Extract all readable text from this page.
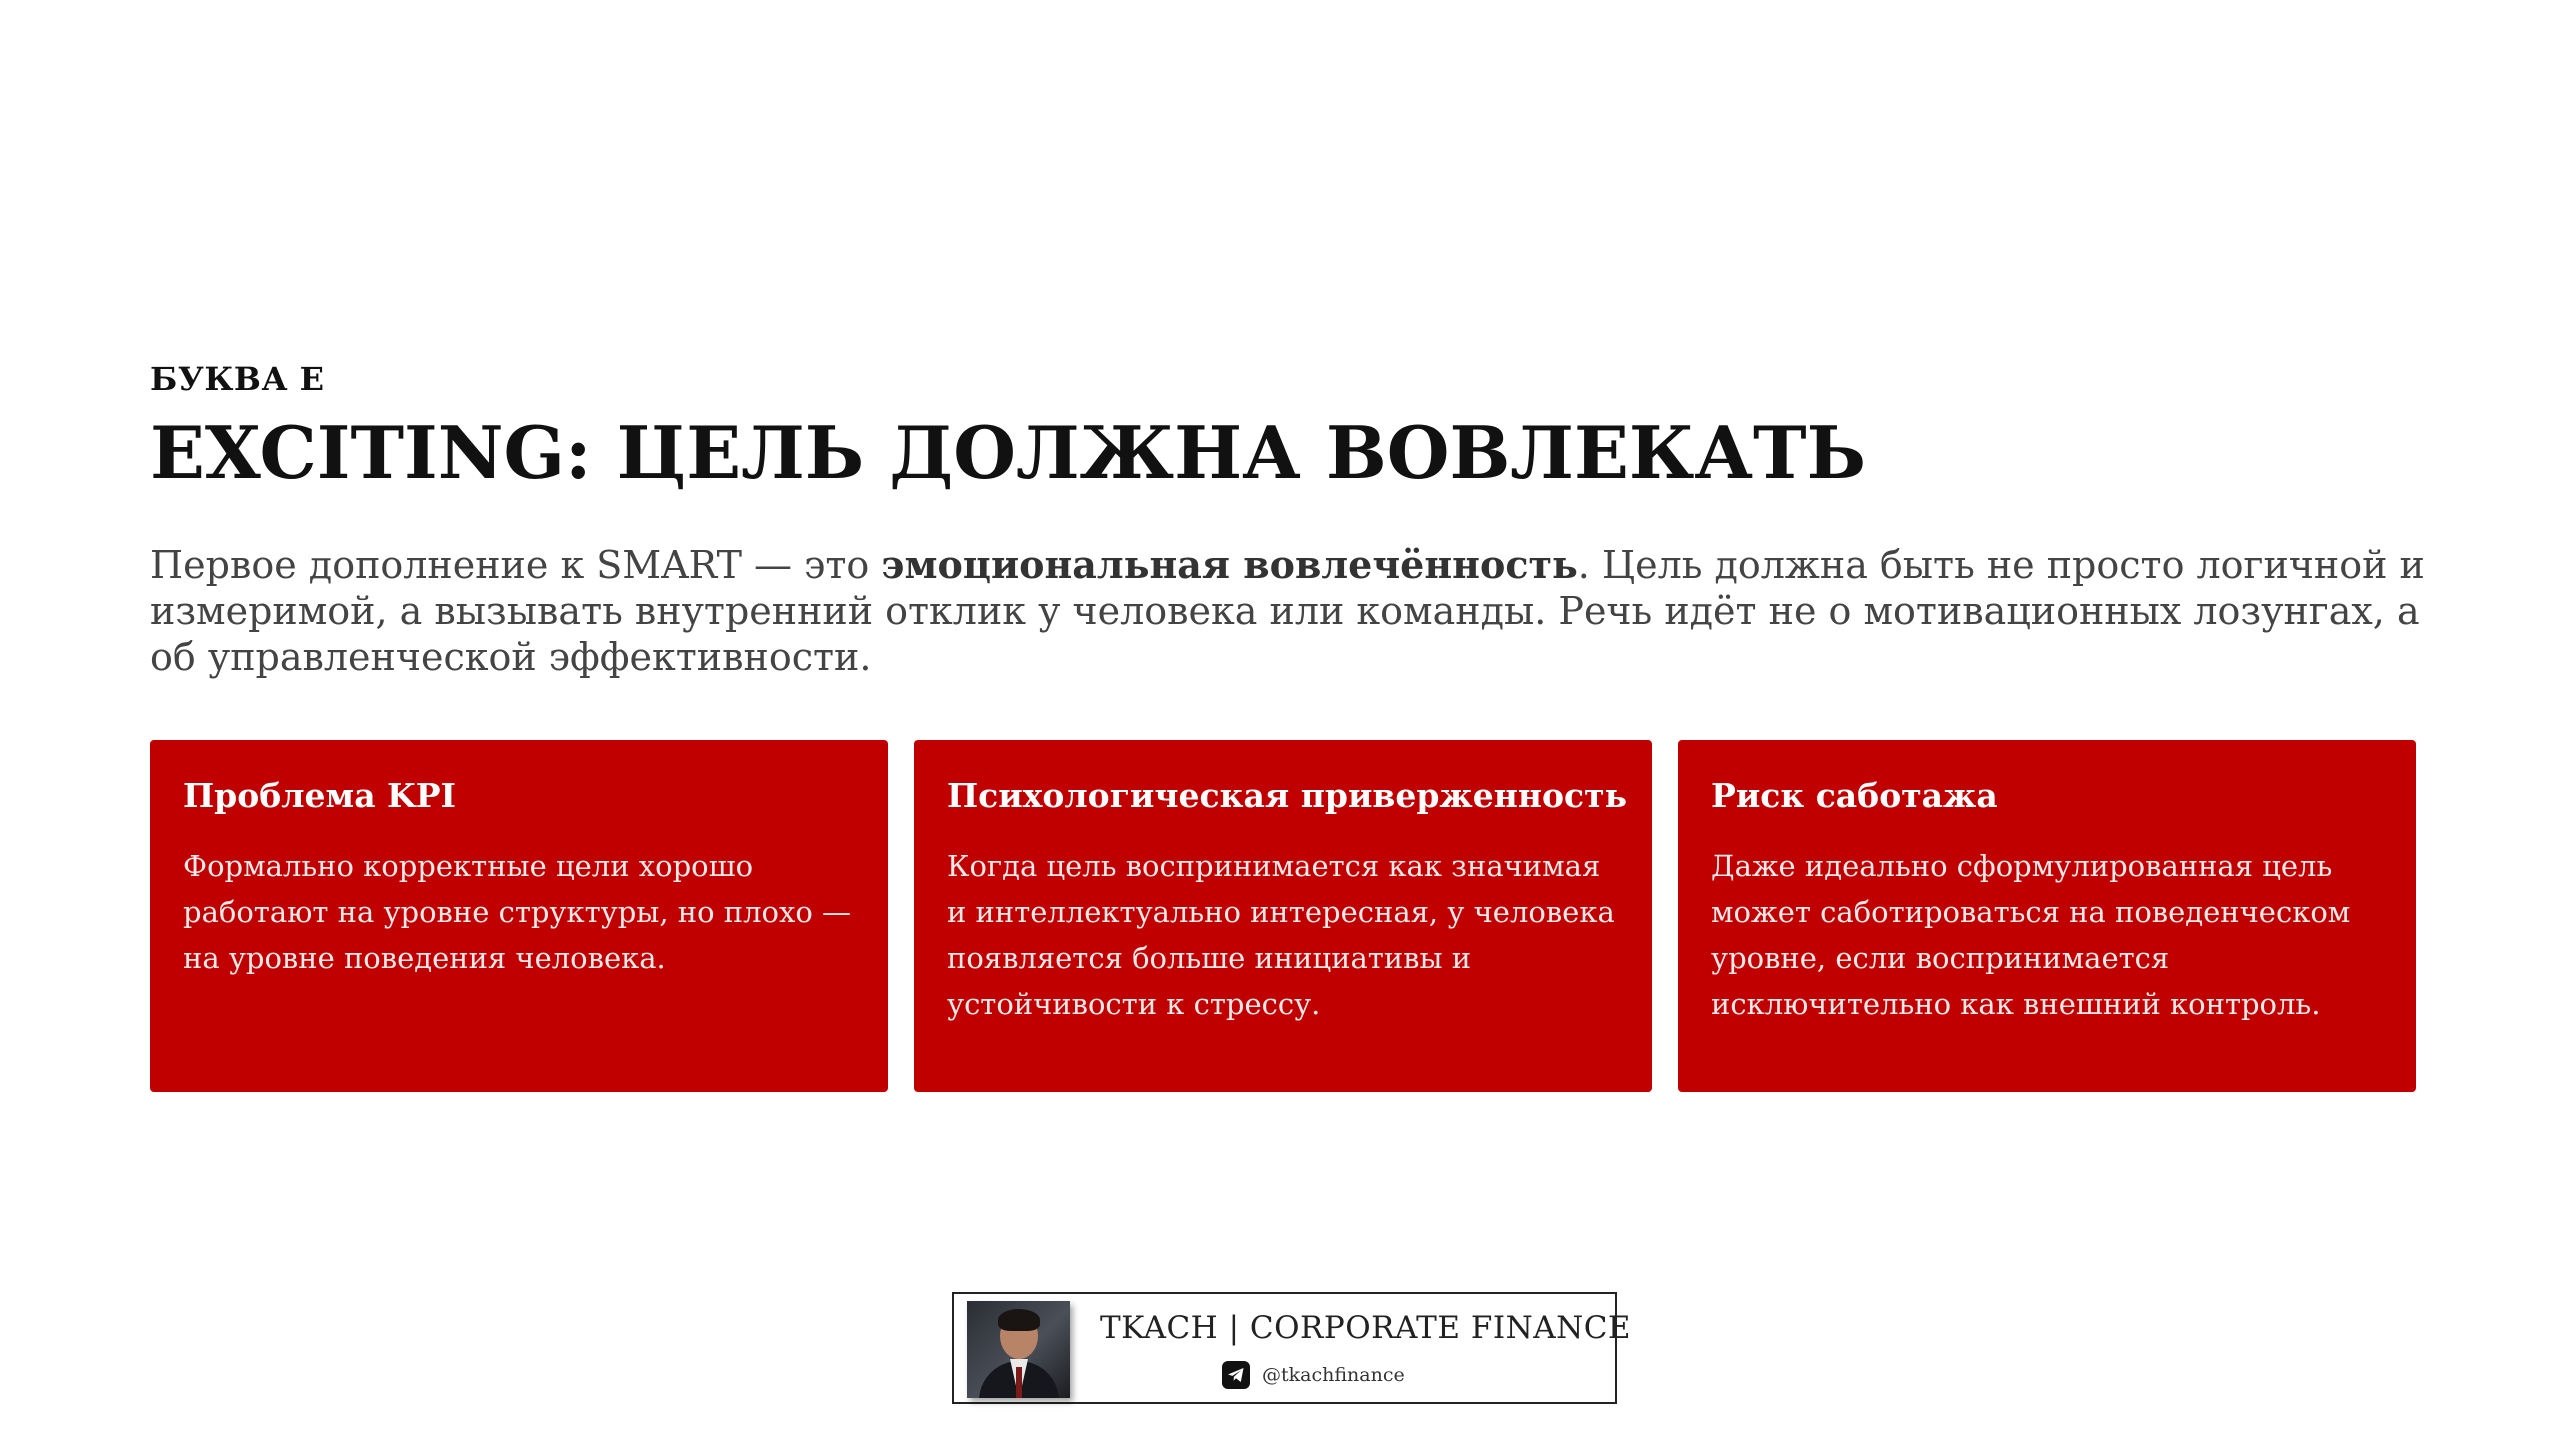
БУКВА E
EXCITING: ЦЕЛЬ ДОЛЖНА ВОВЛЕКАТЬ
Первое дополнение к SMART — это эмоциональная вовлечённость. Цель должна быть не просто логичной и измеримой, а вызывать внутренний отклик у человека или команды. Речь идёт не о мотивационных лозунгах, а об управленческой эффективности.
Проблема KPI

Формально корректные цели хорошо работают на уровне структуры, но плохо — на уровне поведения человека.

Психологическая приверженность

Когда цель воспринимается как значимая и интеллектуально интересная, у человека появляется больше инициативы и устойчивости к стрессу.

Риск саботажа

Даже идеально сформулированная цель может саботироваться на поведенческом уровне, если воспринимается исключительно как внешний контроль.

TKACH | CORPORATE FINANCE
@tkachfinance
